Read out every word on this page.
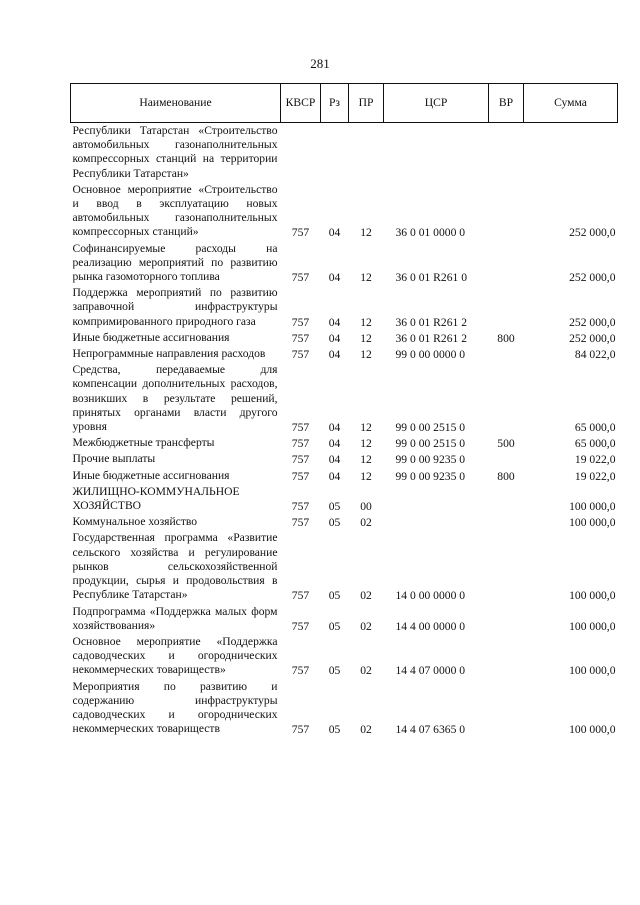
281
Наименование	КВСР	Рз	ПР	ЦСР	ВР	Сумма
Республики Татарстан «Строительство автомобильных газонаполнительных компрессорных станций на территории Республики Татарстан»						
Основное мероприятие «Строительство и ввод в эксплуатацию новых автомобильных газонаполнительных компрессорных станций»	757	04	12	36 0 01 0000 0		252 000,0
Софинансируемые расходы на реализацию мероприятий по развитию рынка газомоторного топлива	757	04	12	36 0 01 R261 0		252 000,0
Поддержка мероприятий по развитию заправочной инфраструктуры компримированного природного газа	757	04	12	36 0 01 R261 2		252 000,0
Иные бюджетные ассигнования	757	04	12	36 0 01 R261 2	800	252 000,0
Непрограммные направления расходов	757	04	12	99 0 00 0000 0		84 022,0
Средства, передаваемые для компенсации дополнительных расходов, возникших в результате решений, принятых органами власти другого уровня	757	04	12	99 0 00 2515 0		65 000,0
Межбюджетные трансферты	757	04	12	99 0 00 2515 0	500	65 000,0
Прочие выплаты	757	04	12	99 0 00 9235 0		19 022,0
Иные бюджетные ассигнования	757	04	12	99 0 00 9235 0	800	19 022,0
ЖИЛИЩНО-КОММУНАЛЬНОЕ ХОЗЯЙСТВО	757	05	00			100 000,0
Коммунальное хозяйство	757	05	02			100 000,0
Государственная программа «Развитие сельского хозяйства и регулирование рынков сельскохозяйственной продукции, сырья и продовольствия в Республике Татарстан»	757	05	02	14 0 00 0000 0		100 000,0
Подпрограмма «Поддержка малых форм хозяйствования»	757	05	02	14 4 00 0000 0		100 000,0
Основное мероприятие «Поддержка садоводческих и огороднических некоммерческих товариществ»	757	05	02	14 4 07 0000 0		100 000,0
Мероприятия по развитию и содержанию инфраструктуры садоводческих и огороднических некоммерческих товариществ	757	05	02	14 4 07 6365 0		100 000,0
